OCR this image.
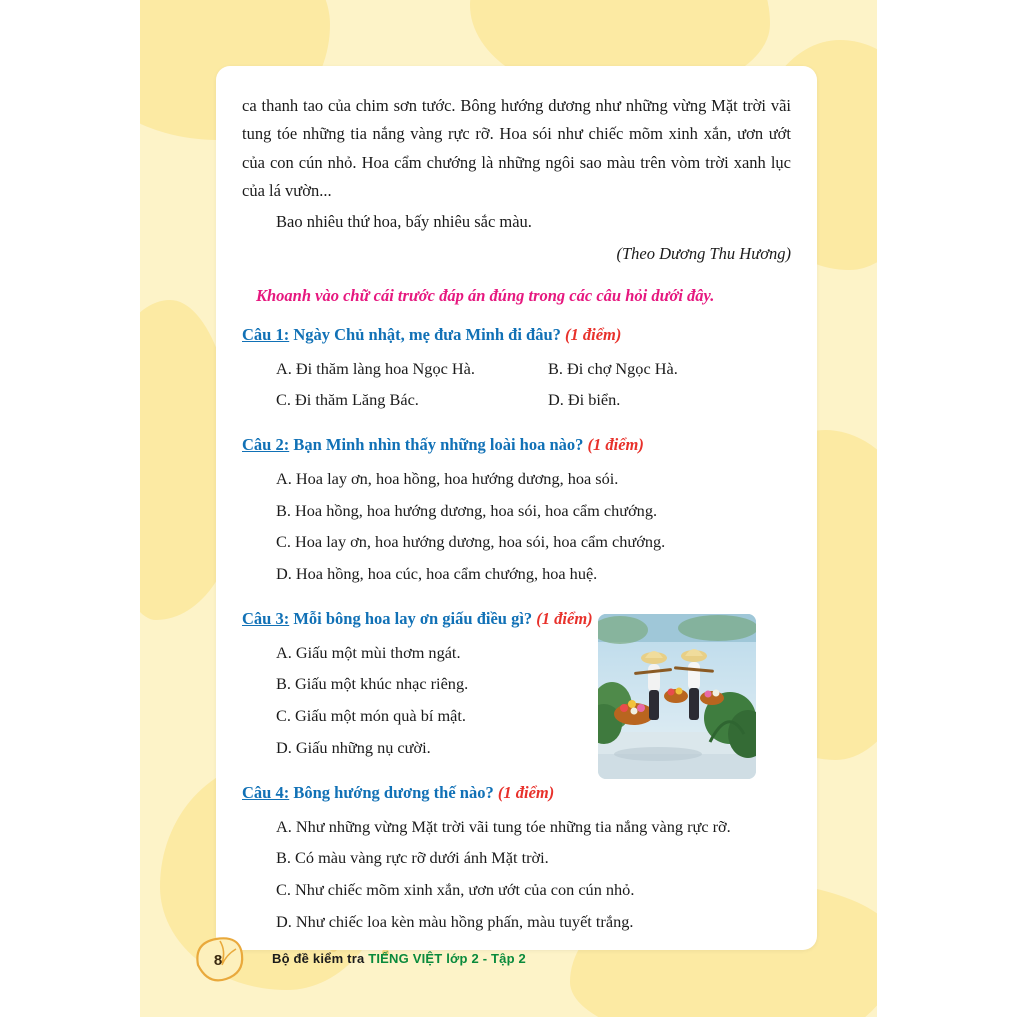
ca thanh tao của chim sơn tước. Bông hướng dương như những vừng Mặt trời vãi tung tóe những tia nắng vàng rực rỡ. Hoa sói như chiếc mõm xinh xắn, ươn ướt của con cún nhỏ. Hoa cẩm chướng là những ngôi sao màu trên vòm trời xanh lục của lá vườn...

Bao nhiêu thứ hoa, bấy nhiêu sắc màu.

(Theo Dương Thu Hương)

Khoanh vào chữ cái trước đáp án đúng trong các câu hỏi dưới đây.

Câu 1: Ngày Chủ nhật, mẹ đưa Minh đi đâu? (1 điểm)
A. Đi thăm làng hoa Ngọc Hà.	B. Đi chợ Ngọc Hà.
C. Đi thăm Lăng Bác.	D. Đi biển.
Câu 2: Bạn Minh nhìn thấy những loài hoa nào? (1 điểm)
A. Hoa lay ơn, hoa hồng, hoa hướng dương, hoa sói.
B. Hoa hồng, hoa hướng dương, hoa sói, hoa cẩm chướng.
C. Hoa lay ơn, hoa hướng dương, hoa sói, hoa cẩm chướng.
D. Hoa hồng, hoa cúc, hoa cẩm chướng, hoa huệ.
Câu 3: Mỗi bông hoa lay ơn giấu điều gì? (1 điểm)
A. Giấu một mùi thơm ngát.
B. Giấu một khúc nhạc riêng.
C. Giấu một món quà bí mật.
D. Giấu những nụ cười.
Câu 4: Bông hướng dương thế nào? (1 điểm)
A. Như những vừng Mặt trời vãi tung tóe những tia nắng vàng rực rỡ.
B. Có màu vàng rực rỡ dưới ánh Mặt trời.
C. Như chiếc mõm xinh xắn, ươn ướt của con cún nhỏ.
D. Như chiếc loa kèn màu hồng phấn, màu tuyết trắng.
8	Bộ đề kiểm tra TIẾNG VIỆT lớp 2 - Tập 2
